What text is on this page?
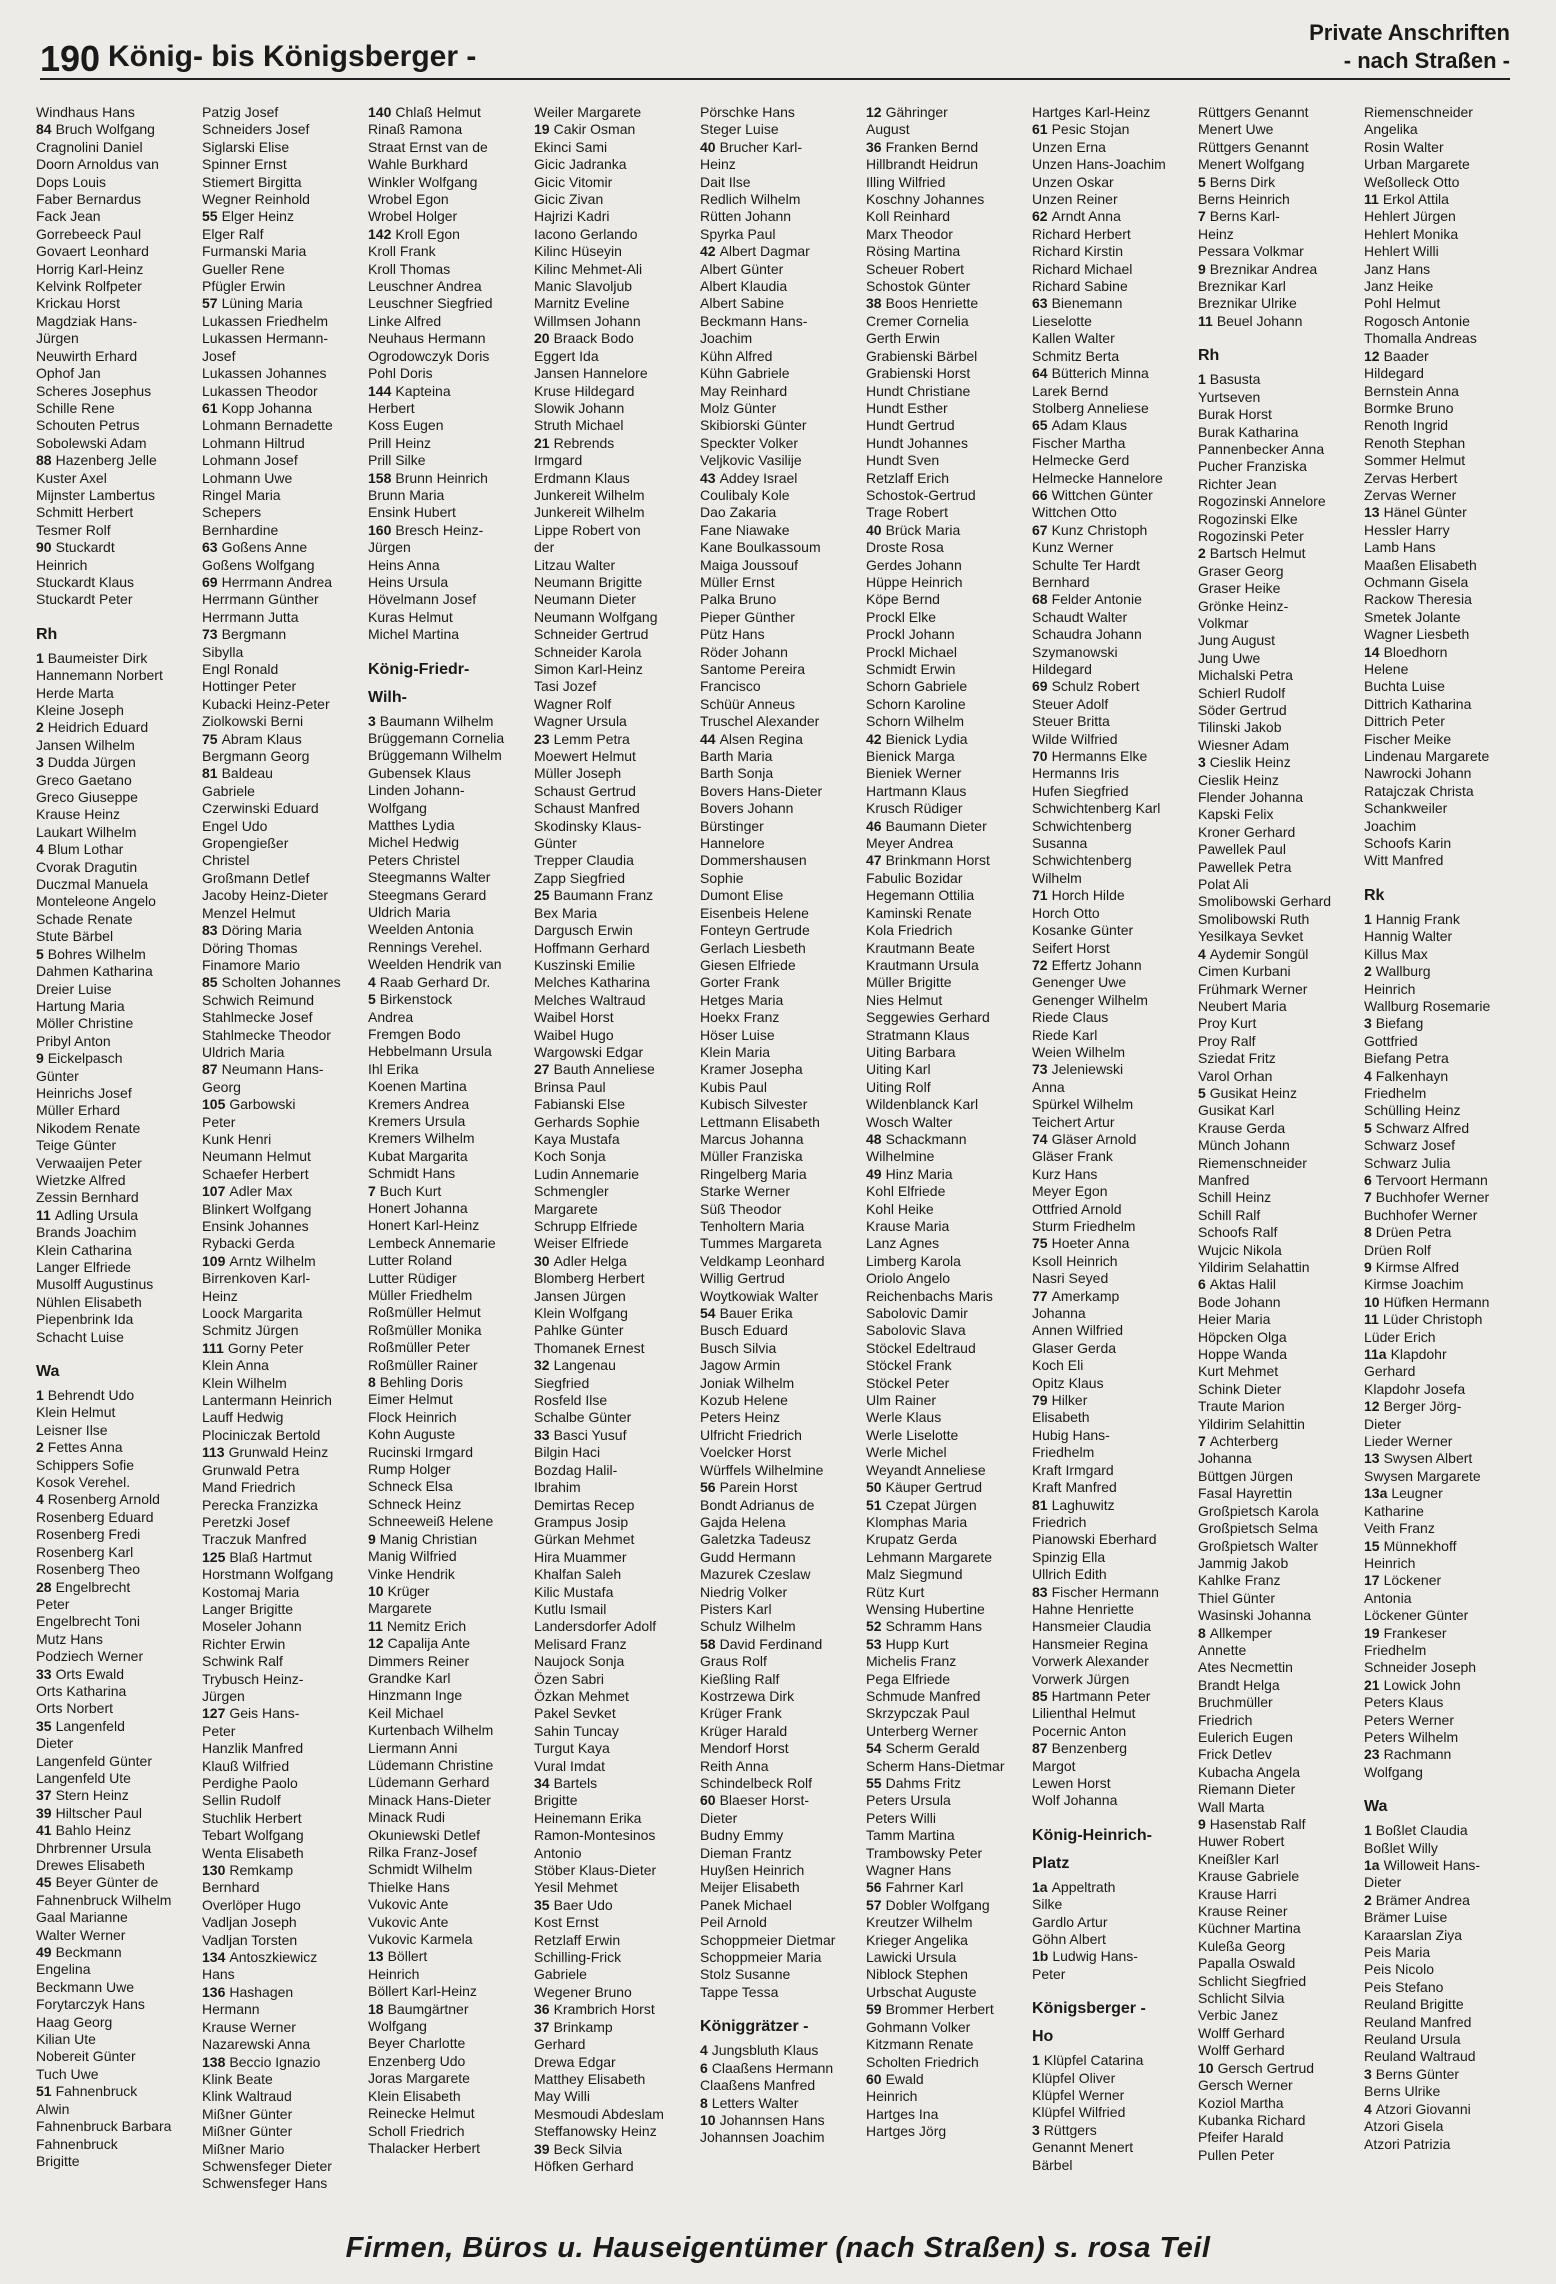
190 König- bis Königsberger -
Private Anschriften
- nach Straßen -
Windhaus Hans
84 Bruch Wolfgang
Cragnolini Daniel
Doorn Arnoldus van
Dops Louis
Faber Bernardus
Fack Jean
Gorrebeeck Paul
Govaert Leonhard
Horrig Karl-Heinz
Kelvink Rolfpeter
Krickau Horst
Magdziak Hans-
Jürgen
Neuwirth Erhard
Ophof Jan
Scheres Josephus
Schille Rene
Schouten Petrus
Sobolewski Adam
88 Hazenberg Jelle
Kuster Axel
Mijnster Lambertus
Schmitt Herbert
Tesmer Rolf
90 Stuckardt
Heinrich
Stuckardt Klaus
Stuckardt Peter
Rh
1 Baumeister Dirk
Hannemann Norbert
Herde Marta
Kleine Joseph
2 Heidrich Eduard
Jansen Wilhelm
3 Dudda Jürgen
Greco Gaetano
Greco Giuseppe
Krause Heinz
Laukart Wilhelm
4 Blum Lothar
Cvorak Dragutin
Duczmal Manuela
Monteleone Angelo
Schade Renate
Stute Bärbel
5 Bohres Wilhelm
Dahmen Katharina
Dreier Luise
Hartung Maria
Möller Christine
Pribyl Anton
9 Eickelpasch
Günter
Heinrichs Josef
Müller Erhard
Nikodem Renate
Teige Günter
Verwaaijen Peter
Wietzke Alfred
Zessin Bernhard
11 Adling Ursula
Brands Joachim
Klein Catharina
Langer Elfriede
Musolff Augustinus
Nühlen Elisabeth
Piepenbrink Ida
Schacht Luise
Wa
1 Behrendt Udo
Klein Helmut
Leisner Ilse
2 Fettes Anna
Schippers Sofie
Kosok Verehel.
4 Rosenberg Arnold
Rosenberg Eduard
Rosenberg Fredi
Rosenberg Karl
Rosenberg Theo
28 Engelbrecht
Peter
Engelbrecht Toni
Mutz Hans
Podziech Werner
33 Orts Ewald
Orts Katharina
Orts Norbert
35 Langenfeld
Dieter
Langenfeld Günter
Langenfeld Ute
37 Stern Heinz
39 Hiltscher Paul
41 Bahlo Heinz
Dhrbrenner Ursula
Drewes Elisabeth
45 Beyer Günter de
Fahnenbruck Wilhelm
Gaal Marianne
Walter Werner
49 Beckmann
Engelina
Beckmann Uwe
Forytarczyk Hans
Haag Georg
Kilian Ute
Nobereit Günter
Tuch Uwe
51 Fahnenbruck
Alwin
Fahnenbruck Barbara
Fahnenbruck
Brigitte
Patzig Josef
Schneiders Josef
Siglarski Elise
Spinner Ernst
Stiemert Birgitta
Wegner Reinhold
55 Elger Heinz
Elger Ralf
Furmanski Maria
Gueller Rene
Pfügler Erwin
57 Lüning Maria
Lukassen Friedhelm
Lukassen Hermann-
Josef
Lukassen Johannes
Lukassen Theodor
61 Kopp Johanna
Lohmann Bernadette
Lohmann Hiltrud
Lohmann Josef
Lohmann Uwe
Ringel Maria
Schepers
Bernhardine
63 Goßens Anne
Goßens Wolfgang
69 Herrmann Andrea
Herrmann Günther
Herrmann Jutta
73 Bergmann
Sibylla
Engl Ronald
Hottinger Peter
Kubacki Heinz-Peter
Ziolkowski Berni
75 Abram Klaus
Bergmann Georg
81 Baldeau
Gabriele
Czerwinski Eduard
Engel Udo
Gropengießer
Christel
Großmann Detlef
Jacoby Heinz-Dieter
Menzel Helmut
83 Döring Maria
Döring Thomas
Finamore Mario
85 Scholten Johannes
Schwich Reimund
Stahlmecke Josef
Stahlmecke Theodor
Uldrich Maria
87 Neumann Hans-
Georg
105 Garbowski
Peter
Kunk Henri
Neumann Helmut
Schaefer Herbert
107 Adler Max
Blinkert Wolfgang
Ensink Johannes
Rybacki Gerda
109 Arntz Wilhelm
Birrenkoven Karl-
Heinz
Loock Margarita
Schmitz Jürgen
111 Gorny Peter
Klein Anna
Klein Wilhelm
Lantermann Heinrich
Lauff Hedwig
Plociniczak Bertold
113 Grunwald Heinz
Grunwald Petra
Mand Friedrich
Perecka Franzizka
Peretzki Josef
Traczuk Manfred
125 Blaß Hartmut
Horstmann Wolfgang
Kostomaj Maria
Langer Brigitte
Moseler Johann
Richter Erwin
Schwink Ralf
Trybusch Heinz-
Jürgen
127 Geis Hans-
Peter
Hanzlik Manfred
Klauß Wilfried
Perdighe Paolo
Sellin Rudolf
Stuchlik Herbert
Tebart Wolfgang
Wenta Elisabeth
130 Remkamp
Bernhard
Overlöper Hugo
Vadljan Joseph
Vadljan Torsten
134 Antoszkiewicz
Hans
136 Hashagen
Hermann
Krause Werner
Nazarewski Anna
138 Beccio Ignazio
Klink Beate
Klink Waltraud
Mißner Günter
Mißner Günter
Mißner Mario
Schwensfeger Dieter
Schwensfeger Hans
140 Chlaß Helmut
Rinaß Ramona
Straat Ernst van de
Wahle Burkhard
Winkler Wolfgang
Wrobel Egon
Wrobel Holger
142 Kroll Egon
Kroll Frank
Kroll Thomas
Leuschner Andrea
Leuschner Siegfried
Linke Alfred
Neuhaus Hermann
Ogrodowczyk Doris
Pohl Doris
144 Kapteina
Herbert
Koss Eugen
Prill Heinz
Prill Silke
158 Brunn Heinrich
Brunn Maria
Ensink Hubert
160 Bresch Heinz-
Jürgen
Heins Anna
Heins Ursula
Hövelmann Josef
Kuras Helmut
Michel Martina
König-Friedr-
Wilh-
3 Baumann Wilhelm
Brüggemann Cornelia
Brüggemann Wilhelm
Gubensek Klaus
Linden Johann-
Wolfgang
Matthes Lydia
Michel Hedwig
Peters Christel
Steegmanns Walter
Steegmans Gerard
Uldrich Maria
Weelden Antonia
Rennings Verehel.
Weelden Hendrik van
4 Raab Gerhard Dr.
5 Birkenstock
Andrea
Fremgen Bodo
Hebbelmann Ursula
Ihl Erika
Koenen Martina
Kremers Andrea
Kremers Ursula
Kremers Wilhelm
Kubat Margarita
Schmidt Hans
7 Buch Kurt
Honert Johanna
Honert Karl-Heinz
Lembeck Annemarie
Lutter Roland
Lutter Rüdiger
Müller Friedhelm
Roßmüller Helmut
Roßmüller Monika
Roßmüller Peter
Roßmüller Rainer
8 Behling Doris
Eimer Helmut
Flock Heinrich
Kohn Auguste
Rucinski Irmgard
Rump Holger
Schneck Elsa
Schneck Heinz
Schneeweiß Helene
9 Manig Christian
Manig Wilfried
Vinke Hendrik
10 Krüger
Margarete
11 Nemitz Erich
12 Capalija Ante
Dimmers Reiner
Grandke Karl
Hinzmann Inge
Keil Michael
Kurtenbach Wilhelm
Liermann Anni
Lüdemann Christine
Lüdemann Gerhard
Minack Hans-Dieter
Minack Rudi
Okuniewski Detlef
Rilka Franz-Josef
Schmidt Wilhelm
Thielke Hans
Vukovic Ante
Vukovic Ante
Vukovic Karmela
13 Böllert
Heinrich
Böllert Karl-Heinz
18 Baumgärtner
Wolfgang
Beyer Charlotte
Enzenberg Udo
Joras Margarete
Klein Elisabeth
Reinecke Helmut
Scholl Friedrich
Thalacker Herbert
Weiler Margarete
19 Cakir Osman
Ekinci Sami
Gicic Jadranka
Gicic Vitomir
Gicic Zivan
Hajrizi Kadri
Iacono Gerlando
Kilinc Hüseyin
Kilinc Mehmet-Ali
Manic Slavoljub
Marnitz Eveline
Willmsen Johann
20 Braack Bodo
Eggert Ida
Jansen Hannelore
Kruse Hildegard
Slowik Johann
Struth Michael
21 Rebrends
Irmgard
Erdmann Klaus
Junkereit Wilhelm
Junkereit Wilhelm
Lippe Robert von
der
Litzau Walter
Neumann Brigitte
Neumann Dieter
Neumann Wolfgang
Schneider Gertrud
Schneider Karola
Simon Karl-Heinz
Tasi Jozef
Wagner Rolf
Wagner Ursula
23 Lemm Petra
Moewert Helmut
Müller Joseph
Schaust Gertrud
Schaust Manfred
Skodinsky Klaus-
Günter
Trepper Claudia
Zapp Siegfried
25 Baumann Franz
Bex Maria
Dargusch Erwin
Hoffmann Gerhard
Kuszinski Emilie
Melches Katharina
Melches Waltraud
Waibel Horst
Waibel Hugo
Wargowski Edgar
27 Bauth Anneliese
Brinsa Paul
Fabianski Else
Gerhards Sophie
Kaya Mustafa
Koch Sonja
Ludin Annemarie
Schmengler
Margarete
Schrupp Elfriede
Weiser Elfriede
30 Adler Helga
Blomberg Herbert
Jansen Jürgen
Klein Wolfgang
Pahlke Günter
Thomanek Ernest
32 Langenau
Siegfried
Rosfeld Ilse
Schalbe Günter
33 Basci Yusuf
Bilgin Haci
Bozdag Halil-
Ibrahim
Demirtas Recep
Grampus Josip
Gürkan Mehmet
Hira Muammer
Khalfan Saleh
Kilic Mustafa
Kutlu Ismail
Landersdorfer Adolf
Melisard Franz
Naujock Sonja
Özen Sabri
Özkan Mehmet
Pakel Sevket
Sahin Tuncay
Turgut Kaya
Vural Imdat
34 Bartels
Brigitte
Heinemann Erika
Ramon-Montesinos
Antonio
Stöber Klaus-Dieter
Yesil Mehmet
35 Baer Udo
Kost Ernst
Retzlaff Erwin
Schilling-Frick
Gabriele
Wegener Bruno
36 Krambrich Horst
37 Brinkamp
Gerhard
Drewa Edgar
Matthey Elisabeth
May Willi
Mesmoudi Abdeslam
Steffanowsky Heinz
39 Beck Silvia
Höfken Gerhard
Pörschke Hans
Steger Luise
40 Brucher Karl-
Heinz
Dait Ilse
Redlich Wilhelm
Rütten Johann
Spyrka Paul
42 Albert Dagmar
Albert Günter
Albert Klaudia
Albert Sabine
Beckmann Hans-
Joachim
Kühn Alfred
Kühn Gabriele
May Reinhard
Molz Günter
Skibiorski Günter
Speckter Volker
Veljkovic Vasilije
43 Addey Israel
Coulibaly Kole
Dao Zakaria
Fane Niawake
Kane Boulkassoum
Maiga Joussouf
Müller Ernst
Palka Bruno
Pieper Günther
Pütz Hans
Röder Johann
Santome Pereira
Francisco
Schüür Anneus
Truschel Alexander
44 Alsen Regina
Barth Maria
Barth Sonja
Bovers Hans-Dieter
Bovers Johann
Bürstinger
Hannelore
Dommershausen
Sophie
Dumont Elise
Eisenbeis Helene
Fonteyn Gertrude
Gerlach Liesbeth
Giesen Elfriede
Gorter Frank
Hetges Maria
Hoekx Franz
Höser Luise
Klein Maria
Kramer Josepha
Kubis Paul
Kubisch Silvester
Lettmann Elisabeth
Marcus Johanna
Müller Franziska
Ringelberg Maria
Starke Werner
Süß Theodor
Tenholtern Maria
Tummes Margareta
Veldkamp Leonhard
Willig Gertrud
Woytkowiak Walter
54 Bauer Erika
Busch Eduard
Busch Silvia
Jagow Armin
Joniak Wilhelm
Kozub Helene
Peters Heinz
Ulfricht Friedrich
Voelcker Horst
Würffels Wilhelmine
56 Parein Horst
Bondt Adrianus de
Gajda Helena
Galetzka Tadeusz
Gudd Hermann
Mazurek Czeslaw
Niedrig Volker
Pisters Karl
Schulz Wilhelm
58 David Ferdinand
Graus Rolf
Kießling Ralf
Kostrzewa Dirk
Krüger Frank
Krüger Harald
Mendorf Horst
Reith Anna
Schindelbeck Rolf
60 Blaeser Horst-
Dieter
Budny Emmy
Dieman Frantz
Huyßen Heinrich
Meijer Elisabeth
Panek Michael
Peil Arnold
Schoppmeier Dietmar
Schoppmeier Maria
Stolz Susanne
Tappe Tessa
Königgrätzer -
4 Jungsbluth Klaus
6 Claaßens Hermann
Claaßens Manfred
8 Letters Walter
10 Johannsen Hans
Johannsen Joachim
12 Gähringer
August
36 Franken Bernd
Hillbrandt Heidrun
Illing Wilfried
Koschny Johannes
Koll Reinhard
Marx Theodor
Rösing Martina
Scheuer Robert
Schostok Günter
38 Boos Henriette
Cremer Cornelia
Gerth Erwin
Grabienski Bärbel
Grabienski Horst
Hundt Christiane
Hundt Esther
Hundt Gertrud
Hundt Johannes
Hundt Sven
Retzlaff Erich
Schostok-Gertrud
Trage Robert
40 Brück Maria
Droste Rosa
Gerdes Johann
Hüppe Heinrich
Köpe Bernd
Prockl Elke
Prockl Johann
Prockl Michael
Schmidt Erwin
Schorn Gabriele
Schorn Karoline
Schorn Wilhelm
42 Bienick Lydia
Bienick Marga
Bieniek Werner
Hartmann Klaus
Krusch Rüdiger
46 Baumann Dieter
Meyer Andrea
47 Brinkmann Horst
Fabulic Bozidar
Hegemann Ottilia
Kaminski Renate
Kola Friedrich
Krautmann Beate
Krautmann Ursula
Müller Brigitte
Nies Helmut
Seggewies Gerhard
Stratmann Klaus
Uiting Barbara
Uiting Karl
Uiting Rolf
Wildenblanck Karl
Wosch Walter
48 Schackmann
Wilhelmine
49 Hinz Maria
Kohl Elfriede
Kohl Heike
Krause Maria
Lanz Agnes
Limberg Karola
Oriolo Angelo
Reichenbachs Maris
Sabolovic Damir
Sabolovic Slava
Stöckel Edeltraud
Stöckel Frank
Stöckel Peter
Ulm Rainer
Werle Klaus
Werle Liselotte
Werle Michel
Weyandt Anneliese
50 Käuper Gertrud
51 Czepat Jürgen
Klomphas Maria
Krupatz Gerda
Lehmann Margarete
Malz Siegmund
Rütz Kurt
Wensing Hubertine
52 Schramm Hans
53 Hupp Kurt
Michelis Franz
Pega Elfriede
Schmude Manfred
Skrzypczak Paul
Unterberg Werner
54 Scherm Gerald
Scherm Hans-Dietmar
55 Dahms Fritz
Peters Ursula
Peters Willi
Tamm Martina
Trambowsky Peter
Wagner Hans
56 Fahrner Karl
57 Dobler Wolfgang
Kreutzer Wilhelm
Krieger Angelika
Lawicki Ursula
Niblock Stephen
Urbschat Auguste
59 Brommer Herbert
Gohmann Volker
Kitzmann Renate
Scholten Friedrich
60 Ewald
Heinrich
Hartges Ina
Hartges Jörg
Hartges Karl-Heinz
61 Pesic Stojan
Unzen Erna
Unzen Hans-Joachim
Unzen Oskar
Unzen Reiner
62 Arndt Anna
Richard Herbert
Richard Kirstin
Richard Michael
Richard Sabine
63 Bienemann
Lieselotte
Kallen Walter
Schmitz Berta
64 Bütterich Minna
Larek Bernd
Stolberg Anneliese
65 Adam Klaus
Fischer Martha
Helmecke Gerd
Helmecke Hannelore
66 Wittchen Günter
Wittchen Otto
67 Kunz Christoph
Kunz Werner
Schulte Ter Hardt
Bernhard
68 Felder Antonie
Schaudt Walter
Schaudra Johann
Szymanowski
Hildegard
69 Schulz Robert
Steuer Adolf
Steuer Britta
Wilde Wilfried
70 Hermanns Elke
Hermanns Iris
Hufen Siegfried
Schwichtenberg Karl
Schwichtenberg
Susanna
Schwichtenberg
Wilhelm
71 Horch Hilde
Horch Otto
Kosanke Günter
Seifert Horst
72 Effertz Johann
Genenger Uwe
Genenger Wilhelm
Riede Claus
Riede Karl
Weien Wilhelm
73 Jeleniewski
Anna
Spürkel Wilhelm
Teichert Artur
74 Gläser Arnold
Gläser Frank
Kurz Hans
Meyer Egon
Ottfried Arnold
Sturm Friedhelm
75 Hoeter Anna
Ksoll Heinrich
Nasri Seyed
77 Amerkamp
Johanna
Annen Wilfried
Glaser Gerda
Koch Eli
Opitz Klaus
79 Hilker
Elisabeth
Hubig Hans-
Friedhelm
Kraft Irmgard
Kraft Manfred
81 Laghuwitz
Friedrich
Pianowski Eberhard
Spinzig Ella
Ullrich Edith
83 Fischer Hermann
Hahne Henriette
Hansmeier Claudia
Hansmeier Regina
Vorwerk Alexander
Vorwerk Jürgen
85 Hartmann Peter
Lilienthal Helmut
Pocernic Anton
87 Benzenberg
Margot
Lewen Horst
Wolf Johanna
König-Heinrich-
Platz
1a Appeltrath
Silke
Gardlo Artur
Göhn Albert
1b Ludwig Hans-
Peter
Königsberger -
Ho
1 Klüpfel Catarina
Klüpfel Oliver
Klüpfel Werner
Klüpfel Wilfried
3 Rüttgers
Genannt Menert
Bärbel
Rüttgers Genannt
Menert Uwe
Rüttgers Genannt
Menert Wolfgang
5 Berns Dirk
Berns Heinrich
7 Berns Karl-
Heinz
Pessara Volkmar
9 Breznikar Andrea
Breznikar Karl
Breznikar Ulrike
11 Beuel Johann
Rh
1 Basusta
Yurtseven
Burak Horst
Burak Katharina
Pannenbecker Anna
Pucher Franziska
Richter Jean
Rogozinski Annelore
Rogozinski Elke
Rogozinski Peter
2 Bartsch Helmut
Graser Georg
Graser Heike
Grönke Heinz-
Volkmar
Jung August
Jung Uwe
Michalski Petra
Schierl Rudolf
Söder Gertrud
Tilinski Jakob
Wiesner Adam
3 Cieslik Heinz
Cieslik Heinz
Flender Johanna
Kapski Felix
Kroner Gerhard
Pawellek Paul
Pawellek Petra
Polat Ali
Smolibowski Gerhard
Smolibowski Ruth
Yesilkaya Sevket
4 Aydemir Songül
Cimen Kurbani
Frühmark Werner
Neubert Maria
Proy Kurt
Proy Ralf
Sziedat Fritz
Varol Orhan
5 Gusikat Heinz
Gusikat Karl
Krause Gerda
Münch Johann
Riemenschneider
Manfred
Schill Heinz
Schill Ralf
Schoofs Ralf
Wujcic Nikola
Yildirim Selahattin
6 Aktas Halil
Bode Johann
Heier Maria
Höpcken Olga
Hoppe Wanda
Kurt Mehmet
Schink Dieter
Traute Marion
Yildirim Selahittin
7 Achterberg
Johanna
Büttgen Jürgen
Fasal Hayrettin
Großpietsch Karola
Großpietsch Selma
Großpietsch Walter
Jammig Jakob
Kahlke Franz
Thiel Günter
Wasinski Johanna
8 Allkemper
Annette
Ates Necmettin
Brandt Helga
Bruchmüller
Friedrich
Eulerich Eugen
Frick Detlev
Kubacha Angela
Riemann Dieter
Wall Marta
9 Hasenstab Ralf
Huwer Robert
Kneißler Karl
Krause Gabriele
Krause Harri
Krause Reiner
Küchner Martina
Kuleßa Georg
Papalla Oswald
Schlicht Siegfried
Schlicht Silvia
Verbic Janez
Wolff Gerhard
Wolff Gerhard
10 Gersch Gertrud
Gersch Werner
Koziol Martha
Kubanka Richard
Pfeifer Harald
Pullen Peter
Riemenschneider
Angelika
Rosin Walter
Urban Margarete
Weßolleck Otto
11 Erkol Attila
Hehlert Jürgen
Hehlert Monika
Hehlert Willi
Janz Hans
Janz Heike
Pohl Helmut
Rogosch Antonie
Thomalla Andreas
12 Baader
Hildegard
Bernstein Anna
Bormke Bruno
Renoth Ingrid
Renoth Stephan
Sommer Helmut
Zervas Herbert
Zervas Werner
13 Hänel Günter
Hessler Harry
Lamb Hans
Maaßen Elisabeth
Ochmann Gisela
Rackow Theresia
Smetek Jolante
Wagner Liesbeth
14 Bloedhorn
Helene
Buchta Luise
Dittrich Katharina
Dittrich Peter
Fischer Meike
Lindenau Margarete
Nawrocki Johann
Ratajczak Christa
Schankweiler
Joachim
Schoofs Karin
Witt Manfred
Rk
1 Hannig Frank
Hannig Walter
Killus Max
2 Wallburg
Heinrich
Wallburg Rosemarie
3 Biefang
Gottfried
Biefang Petra
4 Falkenhayn
Friedhelm
Schülling Heinz
5 Schwarz Alfred
Schwarz Josef
Schwarz Julia
6 Tervoort Hermann
7 Buchhofer Werner
Buchhofer Werner
8 Drüen Petra
Drüen Rolf
9 Kirmse Alfred
Kirmse Joachim
10 Hüfken Hermann
11 Lüder Christoph
Lüder Erich
11a Klapdohr
Gerhard
Klapdohr Josefa
12 Berger Jörg-
Dieter
Lieder Werner
13 Swysen Albert
Swysen Margarete
13a Leugner
Katharine
Veith Franz
15 Münnekhoff
Heinrich
17 Löckener
Antonia
Löckener Günter
19 Frankeser
Friedhelm
Schneider Joseph
21 Lowick John
Peters Klaus
Peters Werner
Peters Wilhelm
23 Rachmann
Wolfgang
Wa
1 Boßlet Claudia
Boßlet Willy
1a Willoweit Hans-
Dieter
2 Brämer Andrea
Brämer Luise
Karaarslan Ziya
Peis Maria
Peis Nicolo
Peis Stefano
Reuland Brigitte
Reuland Manfred
Reuland Ursula
Reuland Waltraud
3 Berns Günter
Berns Ulrike
4 Atzori Giovanni
Atzori Gisela
Atzori Patrizia
Firmen, Büros u. Hauseigentümer (nach Straßen) s. rosa Teil
